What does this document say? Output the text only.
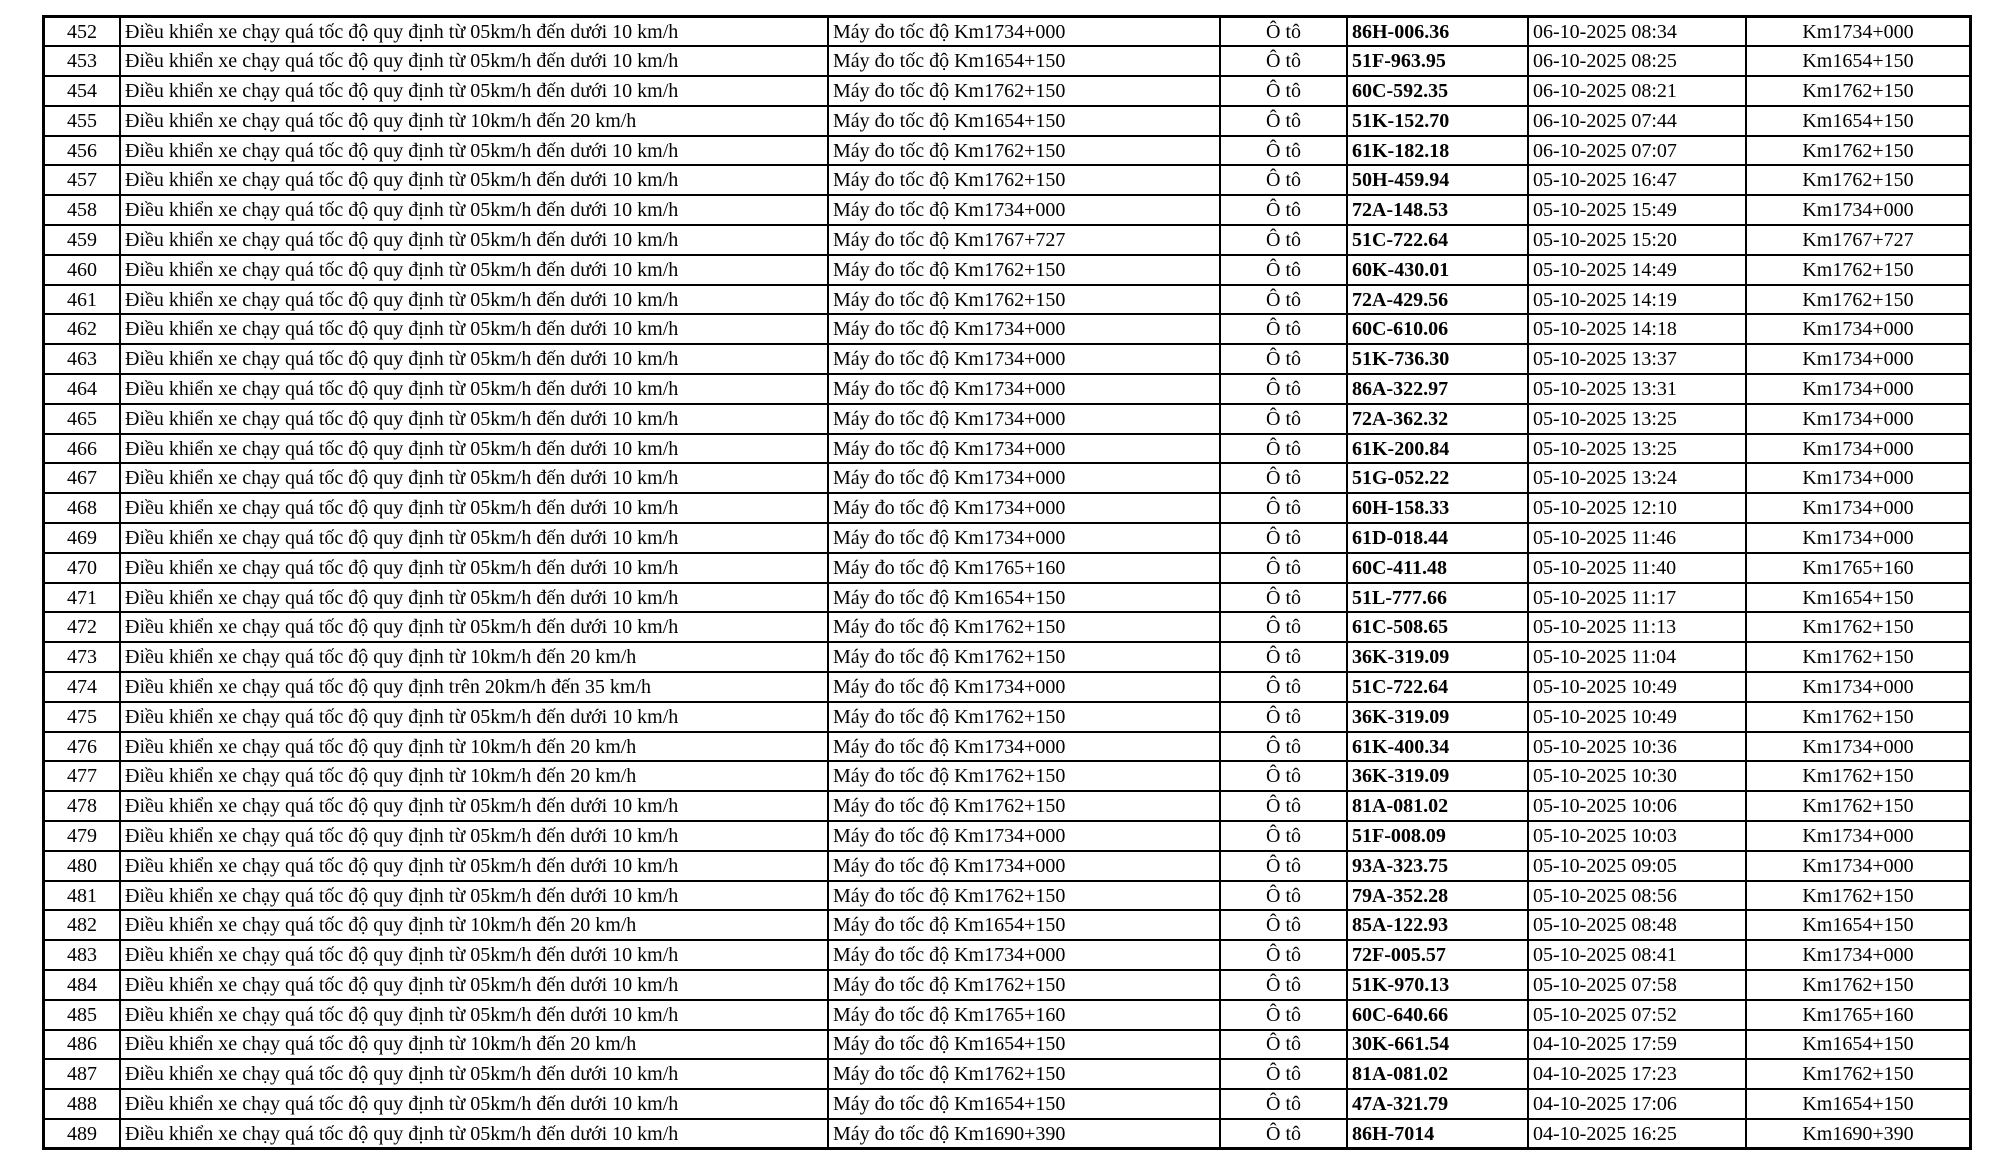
452	Điều khiển xe chạy quá tốc độ quy định từ 05km/h đến dưới 10 km/h	Máy đo tốc độ Km1734+000	Ô tô	86H-006.36	06-10-2025 08:34	Km1734+000
453	Điều khiển xe chạy quá tốc độ quy định từ 05km/h đến dưới 10 km/h	Máy đo tốc độ Km1654+150	Ô tô	51F-963.95	06-10-2025 08:25	Km1654+150
454	Điều khiển xe chạy quá tốc độ quy định từ 05km/h đến dưới 10 km/h	Máy đo tốc độ Km1762+150	Ô tô	60C-592.35	06-10-2025 08:21	Km1762+150
455	Điều khiển xe chạy quá tốc độ quy định từ 10km/h đến 20 km/h	Máy đo tốc độ Km1654+150	Ô tô	51K-152.70	06-10-2025 07:44	Km1654+150
456	Điều khiển xe chạy quá tốc độ quy định từ 05km/h đến dưới 10 km/h	Máy đo tốc độ Km1762+150	Ô tô	61K-182.18	06-10-2025 07:07	Km1762+150
457	Điều khiển xe chạy quá tốc độ quy định từ 05km/h đến dưới 10 km/h	Máy đo tốc độ Km1762+150	Ô tô	50H-459.94	05-10-2025 16:47	Km1762+150
458	Điều khiển xe chạy quá tốc độ quy định từ 05km/h đến dưới 10 km/h	Máy đo tốc độ Km1734+000	Ô tô	72A-148.53	05-10-2025 15:49	Km1734+000
459	Điều khiển xe chạy quá tốc độ quy định từ 05km/h đến dưới 10 km/h	Máy đo tốc độ Km1767+727	Ô tô	51C-722.64	05-10-2025 15:20	Km1767+727
460	Điều khiển xe chạy quá tốc độ quy định từ 05km/h đến dưới 10 km/h	Máy đo tốc độ Km1762+150	Ô tô	60K-430.01	05-10-2025 14:49	Km1762+150
461	Điều khiển xe chạy quá tốc độ quy định từ 05km/h đến dưới 10 km/h	Máy đo tốc độ Km1762+150	Ô tô	72A-429.56	05-10-2025 14:19	Km1762+150
462	Điều khiển xe chạy quá tốc độ quy định từ 05km/h đến dưới 10 km/h	Máy đo tốc độ Km1734+000	Ô tô	60C-610.06	05-10-2025 14:18	Km1734+000
463	Điều khiển xe chạy quá tốc độ quy định từ 05km/h đến dưới 10 km/h	Máy đo tốc độ Km1734+000	Ô tô	51K-736.30	05-10-2025 13:37	Km1734+000
464	Điều khiển xe chạy quá tốc độ quy định từ 05km/h đến dưới 10 km/h	Máy đo tốc độ Km1734+000	Ô tô	86A-322.97	05-10-2025 13:31	Km1734+000
465	Điều khiển xe chạy quá tốc độ quy định từ 05km/h đến dưới 10 km/h	Máy đo tốc độ Km1734+000	Ô tô	72A-362.32	05-10-2025 13:25	Km1734+000
466	Điều khiển xe chạy quá tốc độ quy định từ 05km/h đến dưới 10 km/h	Máy đo tốc độ Km1734+000	Ô tô	61K-200.84	05-10-2025 13:25	Km1734+000
467	Điều khiển xe chạy quá tốc độ quy định từ 05km/h đến dưới 10 km/h	Máy đo tốc độ Km1734+000	Ô tô	51G-052.22	05-10-2025 13:24	Km1734+000
468	Điều khiển xe chạy quá tốc độ quy định từ 05km/h đến dưới 10 km/h	Máy đo tốc độ Km1734+000	Ô tô	60H-158.33	05-10-2025 12:10	Km1734+000
469	Điều khiển xe chạy quá tốc độ quy định từ 05km/h đến dưới 10 km/h	Máy đo tốc độ Km1734+000	Ô tô	61D-018.44	05-10-2025 11:46	Km1734+000
470	Điều khiển xe chạy quá tốc độ quy định từ 05km/h đến dưới 10 km/h	Máy đo tốc độ Km1765+160	Ô tô	60C-411.48	05-10-2025 11:40	Km1765+160
471	Điều khiển xe chạy quá tốc độ quy định từ 05km/h đến dưới 10 km/h	Máy đo tốc độ Km1654+150	Ô tô	51L-777.66	05-10-2025 11:17	Km1654+150
472	Điều khiển xe chạy quá tốc độ quy định từ 05km/h đến dưới 10 km/h	Máy đo tốc độ Km1762+150	Ô tô	61C-508.65	05-10-2025 11:13	Km1762+150
473	Điều khiển xe chạy quá tốc độ quy định từ 10km/h đến 20 km/h	Máy đo tốc độ Km1762+150	Ô tô	36K-319.09	05-10-2025 11:04	Km1762+150
474	Điều khiển xe chạy quá tốc độ quy định trên 20km/h đến 35 km/h	Máy đo tốc độ Km1734+000	Ô tô	51C-722.64	05-10-2025 10:49	Km1734+000
475	Điều khiển xe chạy quá tốc độ quy định từ 05km/h đến dưới 10 km/h	Máy đo tốc độ Km1762+150	Ô tô	36K-319.09	05-10-2025 10:49	Km1762+150
476	Điều khiển xe chạy quá tốc độ quy định từ 10km/h đến 20 km/h	Máy đo tốc độ Km1734+000	Ô tô	61K-400.34	05-10-2025 10:36	Km1734+000
477	Điều khiển xe chạy quá tốc độ quy định từ 10km/h đến 20 km/h	Máy đo tốc độ Km1762+150	Ô tô	36K-319.09	05-10-2025 10:30	Km1762+150
478	Điều khiển xe chạy quá tốc độ quy định từ 05km/h đến dưới 10 km/h	Máy đo tốc độ Km1762+150	Ô tô	81A-081.02	05-10-2025 10:06	Km1762+150
479	Điều khiển xe chạy quá tốc độ quy định từ 05km/h đến dưới 10 km/h	Máy đo tốc độ Km1734+000	Ô tô	51F-008.09	05-10-2025 10:03	Km1734+000
480	Điều khiển xe chạy quá tốc độ quy định từ 05km/h đến dưới 10 km/h	Máy đo tốc độ Km1734+000	Ô tô	93A-323.75	05-10-2025 09:05	Km1734+000
481	Điều khiển xe chạy quá tốc độ quy định từ 05km/h đến dưới 10 km/h	Máy đo tốc độ Km1762+150	Ô tô	79A-352.28	05-10-2025 08:56	Km1762+150
482	Điều khiển xe chạy quá tốc độ quy định từ 10km/h đến 20 km/h	Máy đo tốc độ Km1654+150	Ô tô	85A-122.93	05-10-2025 08:48	Km1654+150
483	Điều khiển xe chạy quá tốc độ quy định từ 05km/h đến dưới 10 km/h	Máy đo tốc độ Km1734+000	Ô tô	72F-005.57	05-10-2025 08:41	Km1734+000
484	Điều khiển xe chạy quá tốc độ quy định từ 05km/h đến dưới 10 km/h	Máy đo tốc độ Km1762+150	Ô tô	51K-970.13	05-10-2025 07:58	Km1762+150
485	Điều khiển xe chạy quá tốc độ quy định từ 05km/h đến dưới 10 km/h	Máy đo tốc độ Km1765+160	Ô tô	60C-640.66	05-10-2025 07:52	Km1765+160
486	Điều khiển xe chạy quá tốc độ quy định từ 10km/h đến 20 km/h	Máy đo tốc độ Km1654+150	Ô tô	30K-661.54	04-10-2025 17:59	Km1654+150
487	Điều khiển xe chạy quá tốc độ quy định từ 05km/h đến dưới 10 km/h	Máy đo tốc độ Km1762+150	Ô tô	81A-081.02	04-10-2025 17:23	Km1762+150
488	Điều khiển xe chạy quá tốc độ quy định từ 05km/h đến dưới 10 km/h	Máy đo tốc độ Km1654+150	Ô tô	47A-321.79	04-10-2025 17:06	Km1654+150
489	Điều khiển xe chạy quá tốc độ quy định từ 05km/h đến dưới 10 km/h	Máy đo tốc độ Km1690+390	Ô tô	86H-7014	04-10-2025 16:25	Km1690+390
